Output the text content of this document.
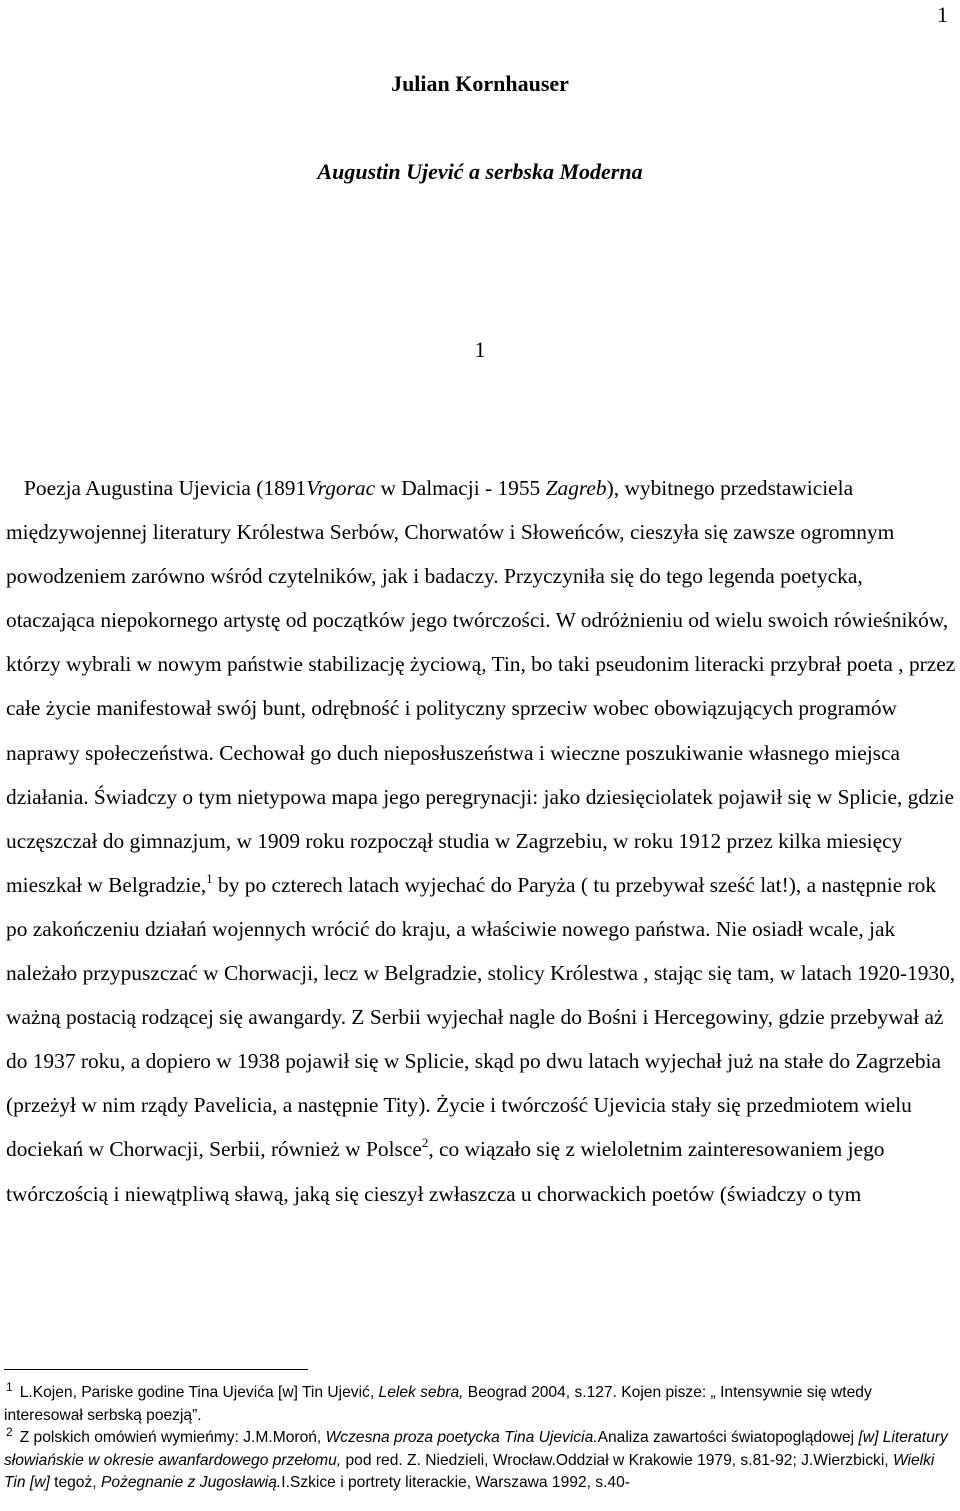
1
Julian Kornhauser
Augustin Ujević a serbska Moderna
1

Poezja Augustina Ujevicia (1891Vrgorac w Dalmacji - 1955 Zagreb), wybitnego przedstawiciela międzywojennej literatury Królestwa Serbów, Chorwatów i Słoweńców, cieszyła się zawsze ogromnym powodzeniem zarówno wśród czytelników, jak i badaczy. Przyczyniła się do tego legenda poetycka, otaczająca niepokornego artystę od początków jego twórczości. W odróżnieniu od wielu swoich rówieśników, którzy wybrali w nowym państwie stabilizację życiową, Tin, bo taki pseudonim literacki przybrał poeta , przez całe życie manifestował swój bunt, odrębność i polityczny sprzeciw wobec obowiązujących programów naprawy społeczeństwa. Cechował go duch nieposłuszeństwa i wieczne poszukiwanie własnego miejsca działania. Świadczy o tym nietypowa mapa jego peregrynacji: jako dziesięciolatek pojawił się w Splicie, gdzie uczęszczał do gimnazjum, w 1909 roku rozpoczął studia w Zagrzebiu, w roku 1912 przez kilka miesięcy mieszkał w Belgradzie,$^1$ by po czterech latach wyjechać do Paryża ( tu przebywał sześć lat!), a następnie rok po zakończeniu działań wojennych wrócić do kraju, a właściwie nowego państwa. Nie osiadł wcale, jak należało przypuszczać w Chorwacji, lecz w Belgradzie, stolicy Królestwa , stając się tam, w latach 1920-1930, ważną postacią rodzącej się awangardy. Z Serbii wyjechał nagle do Bośni i Hercegowiny, gdzie przebywał aż do 1937 roku, a dopiero w 1938 pojawił się w Splicie, skąd po dwu latach wyjechał już na stałe do Zagrzebia (przeżył w nim rządy Pavelicia, a następnie Tity). Życie i twórczość Ujevicia stały się przedmiotem wielu dociekań w Chorwacji, Serbii, również w Polsce$^2$, co wiązało się z wieloletnim zainteresowaniem jego twórczością i niewątpliwą sławą, jaką się cieszył zwłaszcza u chorwackich poetów (świadczy o tym

$^1$ L.Kojen, Pariske godine Tina Ujevića [w] Tin Ujević, Lelek sebra, Beograd 2004, s.127. Kojen pisze: „ Intensywnie się wtedy interesował serbską poezją”.

$^2$ Z polskich omówień wymieńmy: J.M.Moroń, Wczesna proza poetycka Tina Ujevicia.Analiza zawartości światopoglądowej [w] Literatury słowiańskie w okresie awanfardowego przełomu, pod red. Z. Niedzieli, Wrocław.Oddział w Krakowie 1979, s.81-92; J.Wierzbicki, Wielki Tin [w] tegoż, Pożegnanie z Jugosławią.I.Szkice i portrety literackie, Warszawa 1992, s.40-
